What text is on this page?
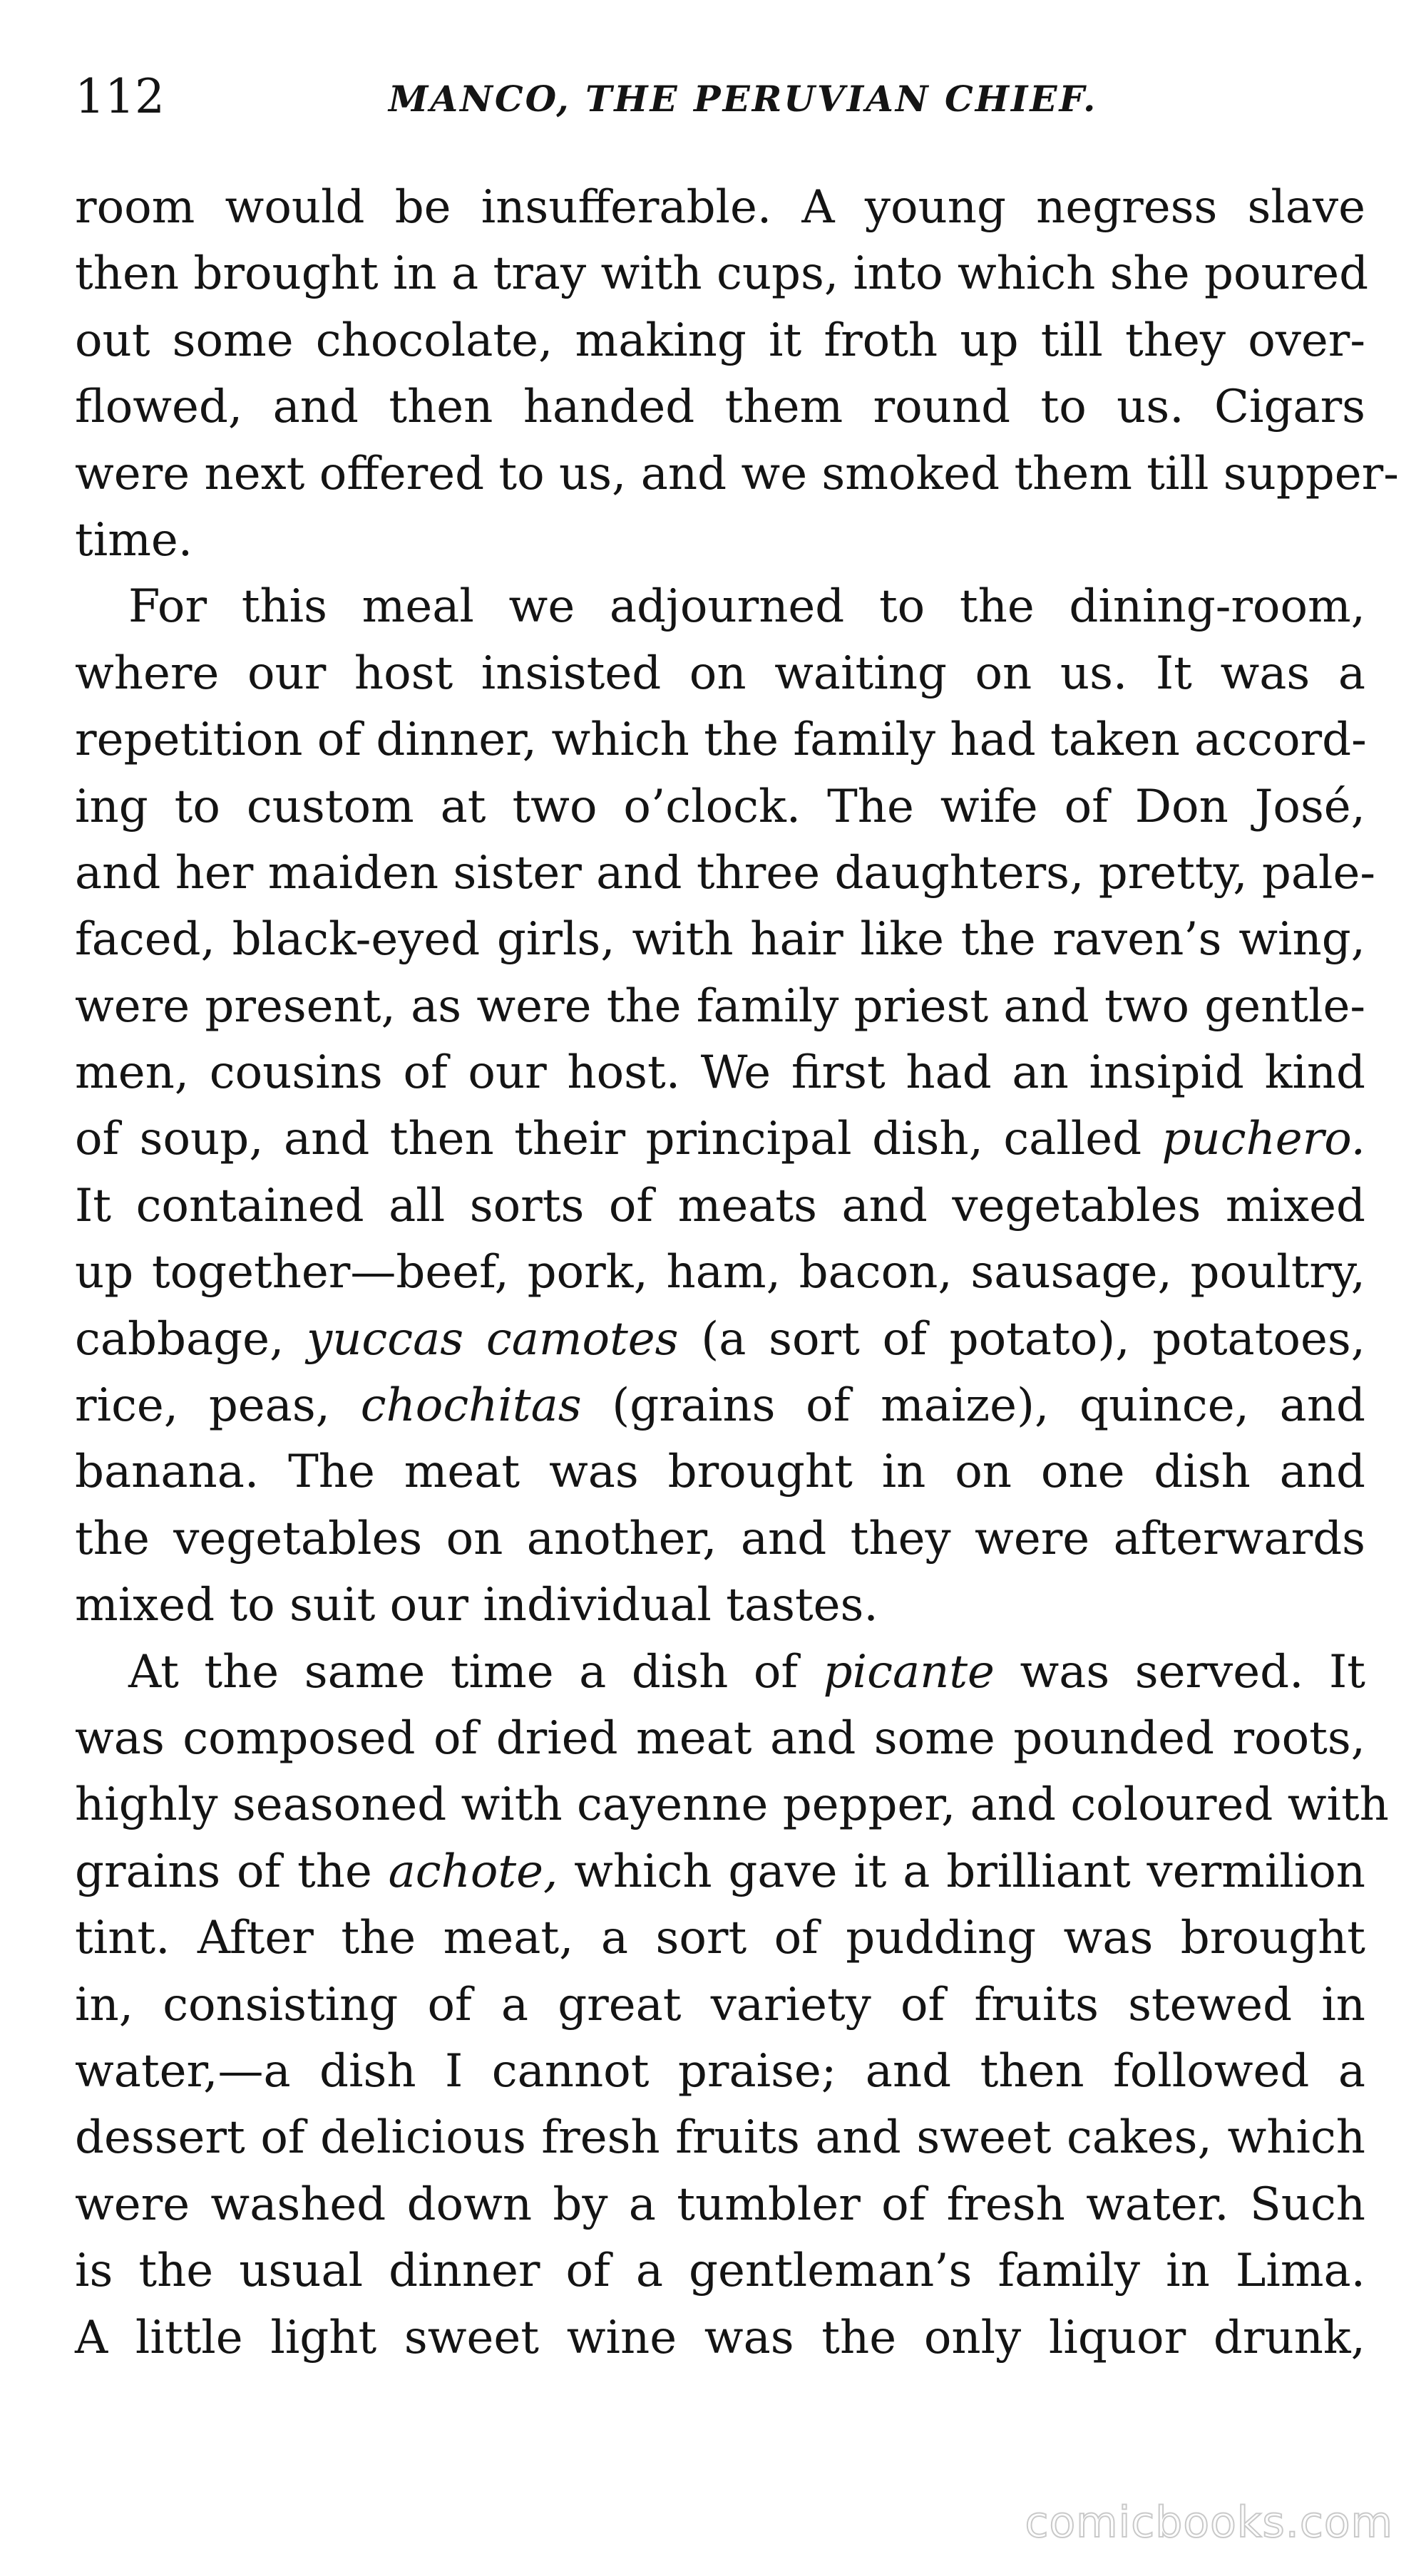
112	MANCO, THE PERUVIAN CHIEF.

room would be insufferable. A young negress slave
then brought in a tray with cups, into which she poured
out some chocolate, making it froth up till they over-
flowed, and then handed them round to us. Cigars
were next offered to us, and we smoked them till supper-
time.

For this meal we adjourned to the dining-room,
where our host insisted on waiting on us. It was a
repetition of dinner, which the family had taken accord-
ing to custom at two o’clock. The wife of Don José,
and her maiden sister and three daughters, pretty, pale-
faced, black-eyed girls, with hair like the raven’s wing,
were present, as were the family priest and two gentle-
men, cousins of our host. We first had an insipid kind
of soup, and then their principal dish, called puchero.
It contained all sorts of meats and vegetables mixed
up together—beef, pork, ham, bacon, sausage, poultry,
cabbage, yuccas camotes (a sort of potato), potatoes,
rice, peas, chochitas (grains of maize), quince, and
banana. The meat was brought in on one dish and
the vegetables on another, and they were afterwards
mixed to suit our individual tastes.

At the same time a dish of picante was served. It
was composed of dried meat and some pounded roots,
highly seasoned with cayenne pepper, and coloured with
grains of the achote, which gave it a brilliant vermilion
tint. After the meat, a sort of pudding was brought
in, consisting of a great variety of fruits stewed in
water,—a dish I cannot praise; and then followed a
dessert of delicious fresh fruits and sweet cakes, which
were washed down by a tumbler of fresh water. Such
is the usual dinner of a gentleman’s family in Lima.
A little light sweet wine was the only liquor drunk,

comicbooks.com
